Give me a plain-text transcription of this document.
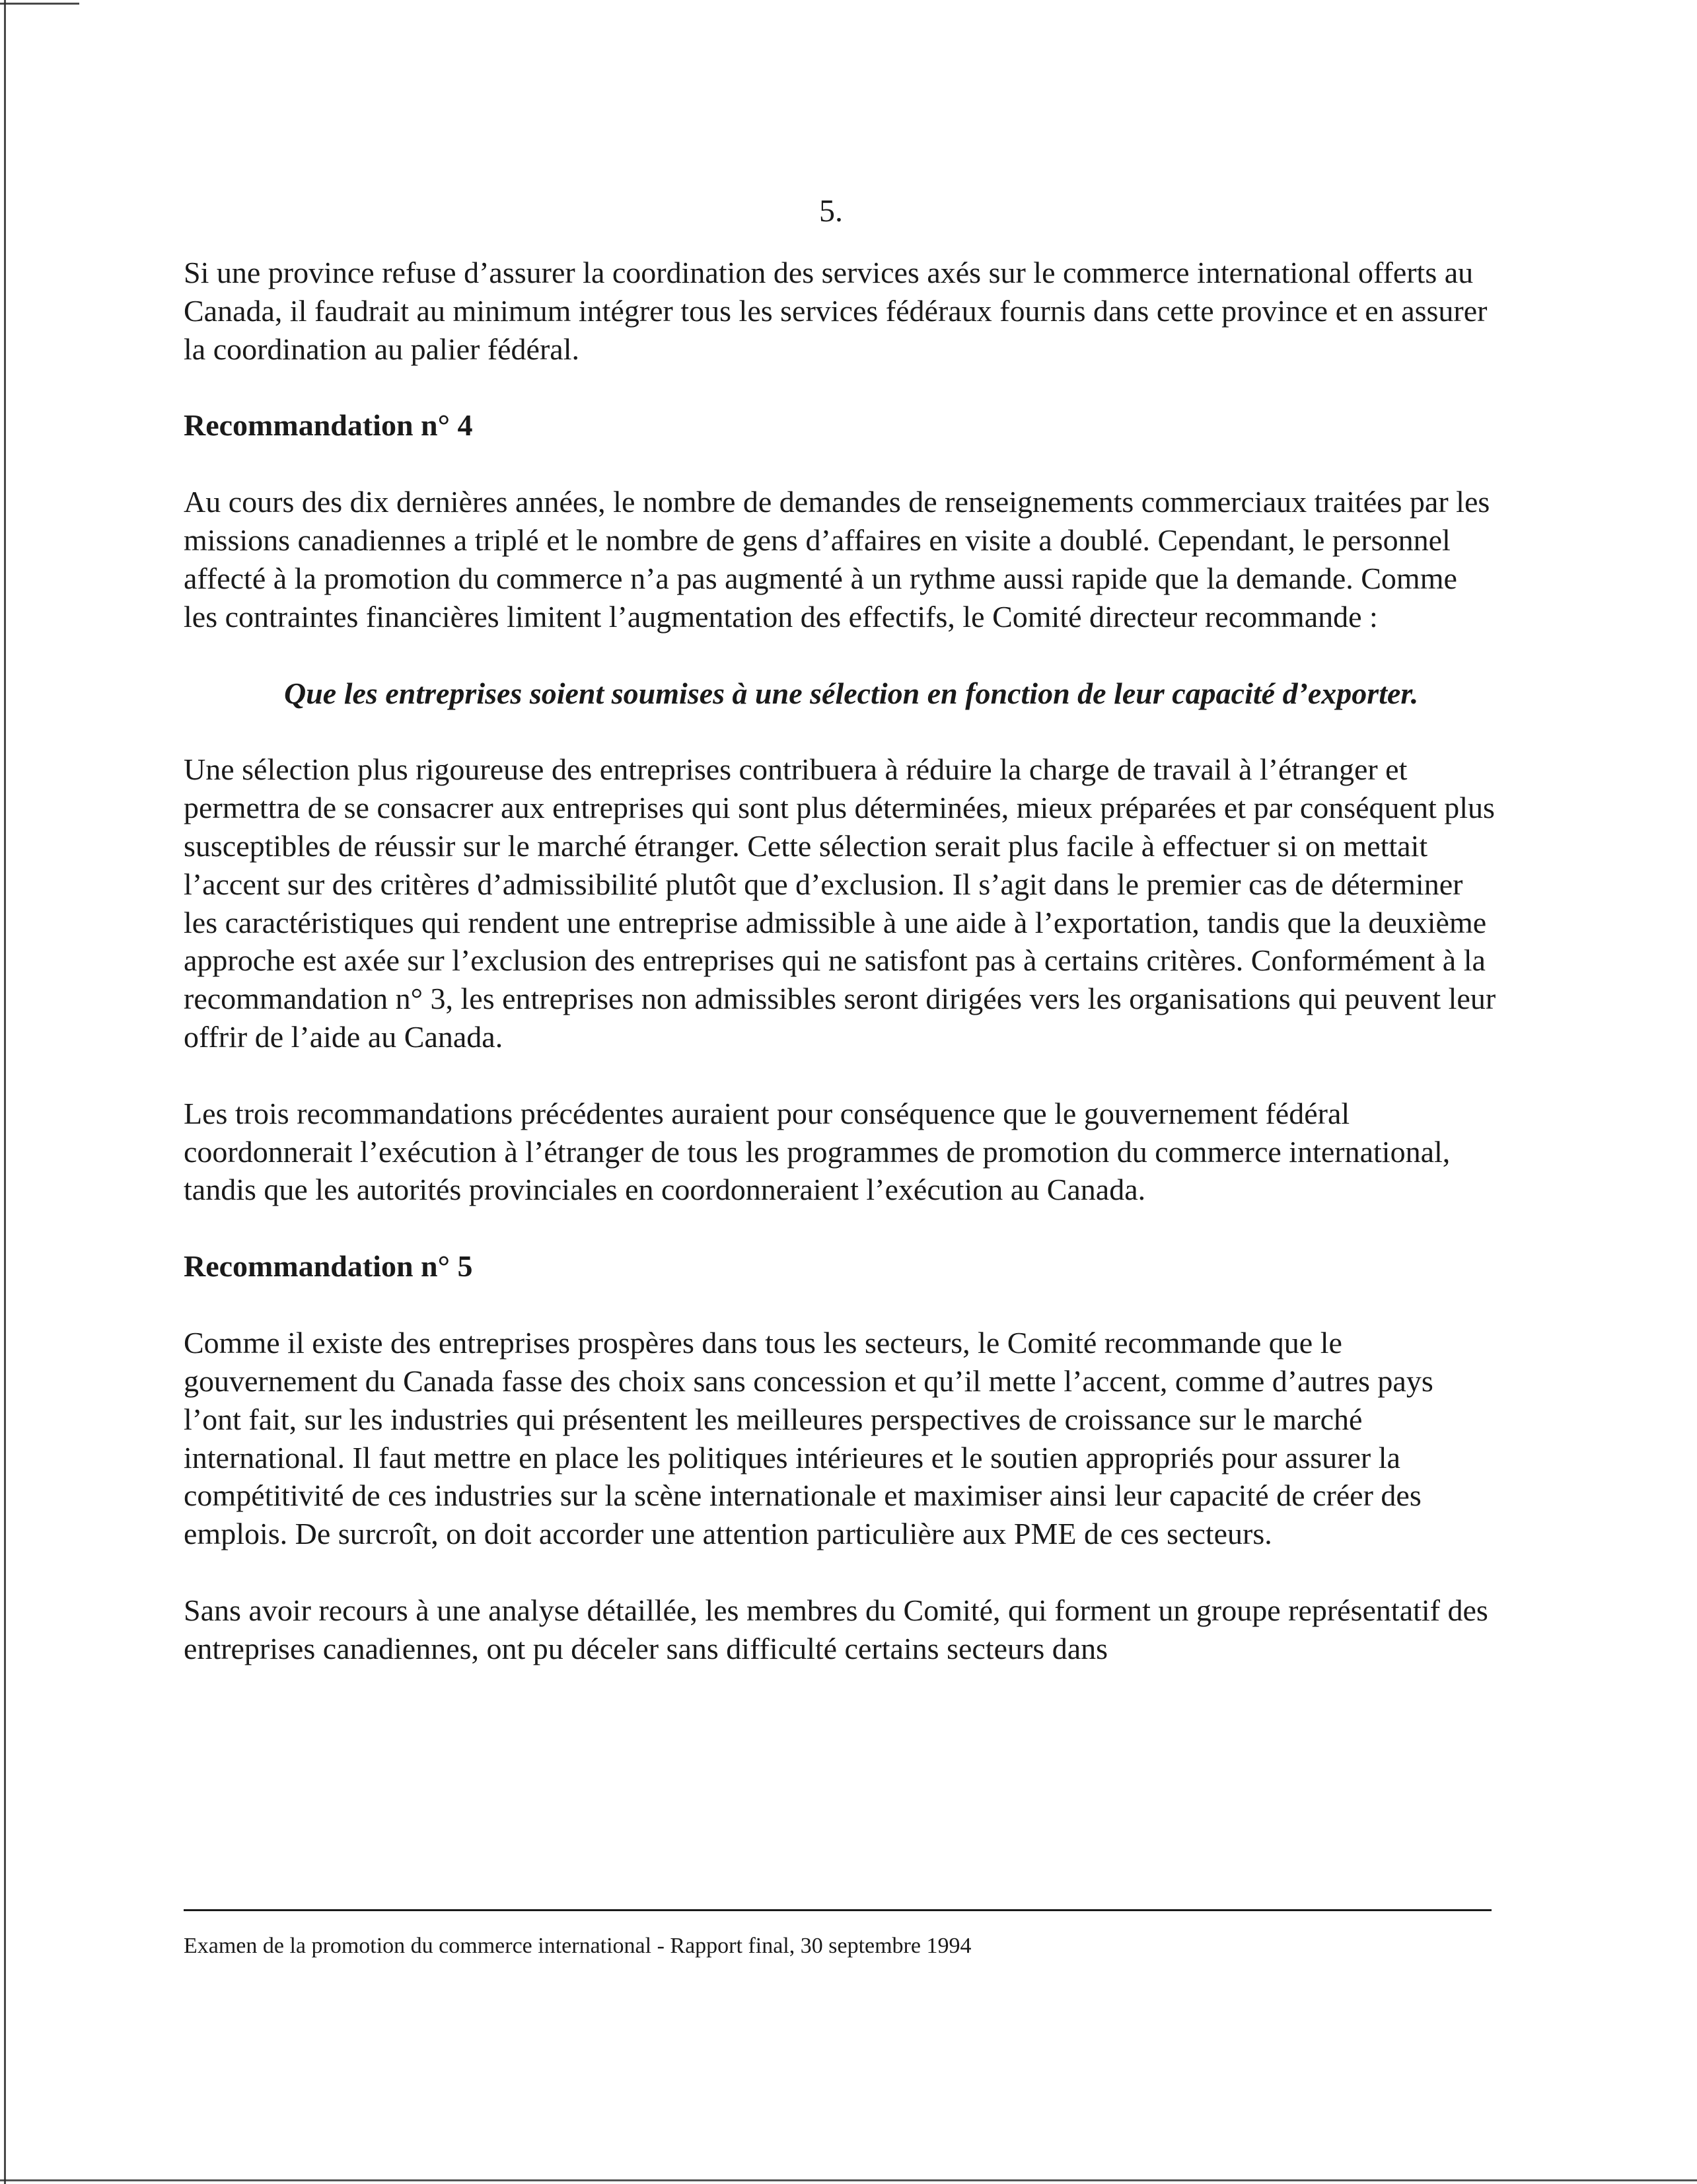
5.

Si une province refuse d’assurer la coordination des services axés sur le commerce international offerts au Canada, il faudrait au minimum intégrer tous les services fédéraux fournis dans cette province et en assurer la coordination au palier fédéral.

Recommandation n° 4

Au cours des dix dernières années, le nombre de demandes de renseignements commerciaux traitées par les missions canadiennes a triplé et le nombre de gens d’affaires en visite a doublé. Cependant, le personnel affecté à la promotion du commerce n’a pas augmenté à un rythme aussi rapide que la demande. Comme les contraintes financières limitent l’augmentation des effectifs, le Comité directeur recommande :

Que les entreprises soient soumises à une sélection en fonction de leur capacité d’exporter.

Une sélection plus rigoureuse des entreprises contribuera à réduire la charge de travail à l’étranger et permettra de se consacrer aux entreprises qui sont plus déterminées, mieux préparées et par conséquent plus susceptibles de réussir sur le marché étranger. Cette sélection serait plus facile à effectuer si on mettait l’accent sur des critères d’admissibilité plutôt que d’exclusion. Il s’agit dans le premier cas de déterminer les caractéristiques qui rendent une entreprise admissible à une aide à l’exportation, tandis que la deuxième approche est axée sur l’exclusion des entreprises qui ne satisfont pas à certains critères. Conformément à la recommandation n° 3, les entreprises non admissibles seront dirigées vers les organisations qui peuvent leur offrir de l’aide au Canada.

Les trois recommandations précédentes auraient pour conséquence que le gouvernement fédéral coordonnerait l’exécution à l’étranger de tous les programmes de promotion du commerce international, tandis que les autorités provinciales en coordonneraient l’exécution au Canada.

Recommandation n° 5

Comme il existe des entreprises prospères dans tous les secteurs, le Comité recommande que le gouvernement du Canada fasse des choix sans concession et qu’il mette l’accent, comme d’autres pays l’ont fait, sur les industries qui présentent les meilleures perspectives de croissance sur le marché international. Il faut mettre en place les politiques intérieures et le soutien appropriés pour assurer la compétitivité de ces industries sur la scène internationale et maximiser ainsi leur capacité de créer des emplois. De surcroît, on doit accorder une attention particulière aux PME de ces secteurs.

Sans avoir recours à une analyse détaillée, les membres du Comité, qui forment un groupe représentatif des entreprises canadiennes, ont pu déceler sans difficulté certains secteurs dans

Examen de la promotion du commerce international - Rapport final, 30 septembre 1994
